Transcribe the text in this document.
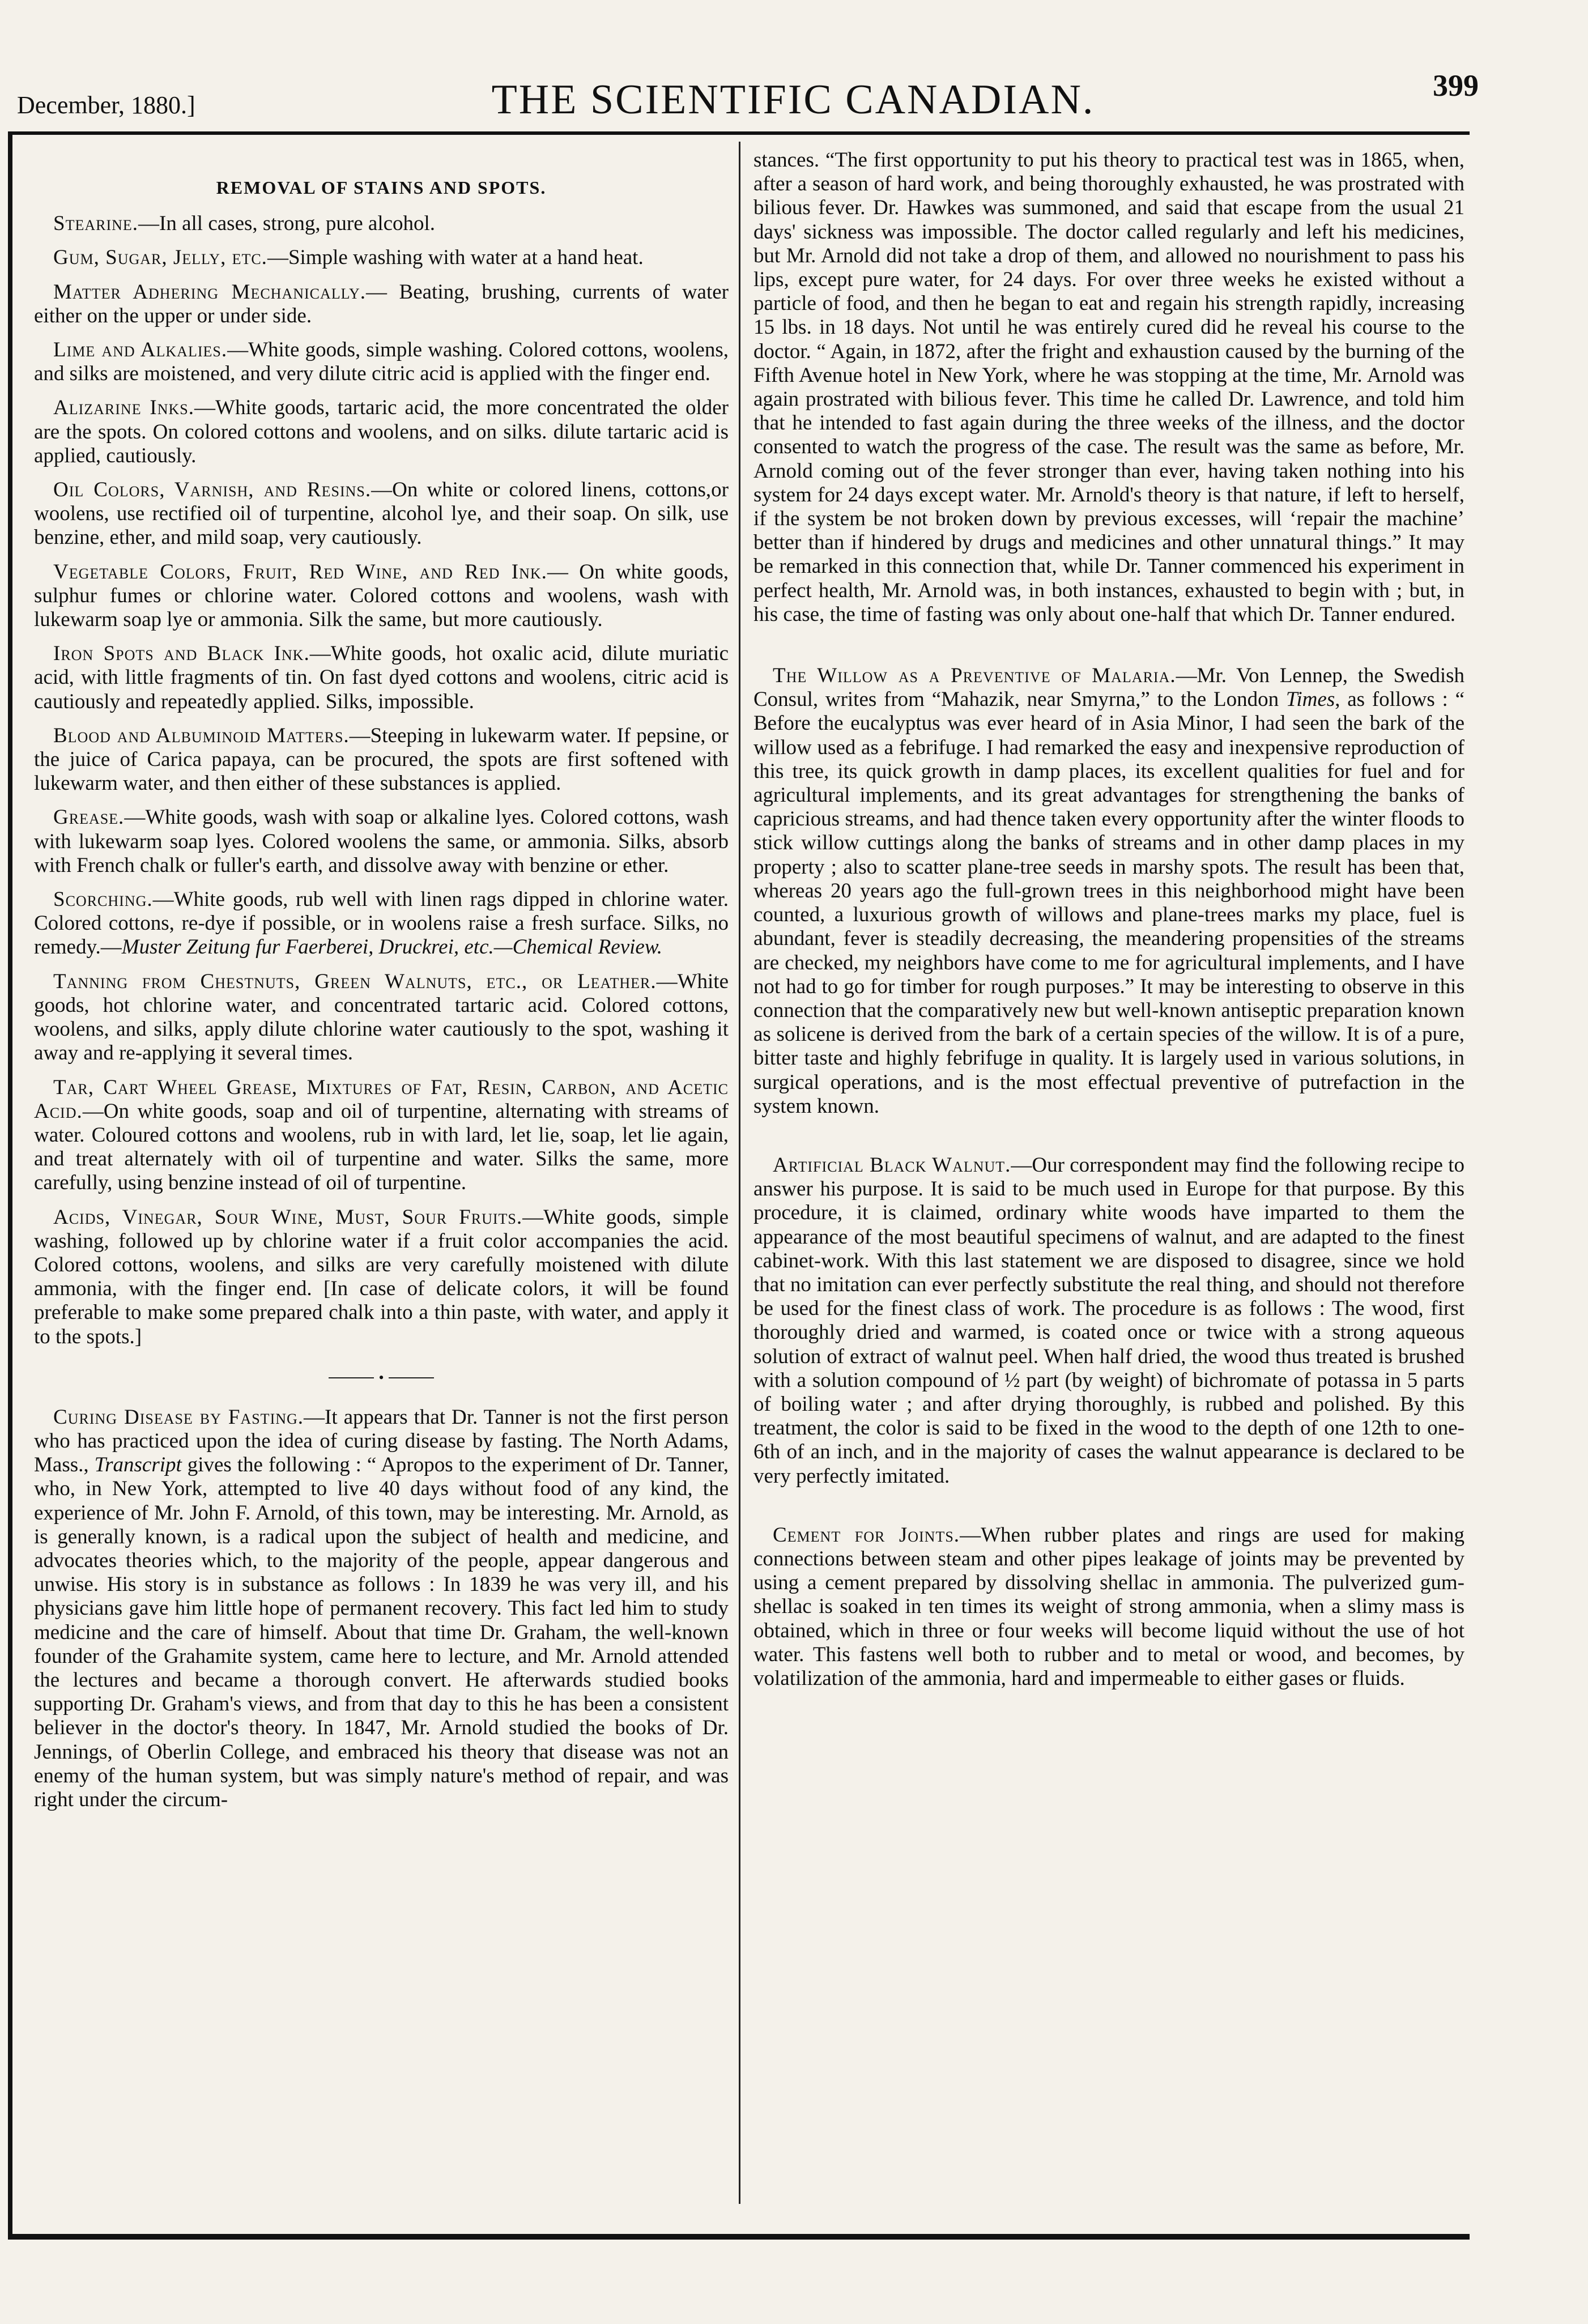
December, 1880.]	THE SCIENTIFIC CANADIAN.	399
REMOVAL OF STAINS AND SPOTS.

Stearine.—In all cases, strong, pure alcohol.

Gum, Sugar, Jelly, etc.—Simple washing with water at a hand heat.

Matter Adhering Mechanically.— Beating, brushing, currents of water either on the upper or under side.

Lime and Alkalies.—White goods, simple washing. Colored cottons, woolens, and silks are moistened, and very dilute citric acid is applied with the finger end.

Alizarine Inks.—White goods, tartaric acid, the more concentrated the older are the spots. On colored cottons and woolens, and on silks. dilute tartaric acid is applied, cautiously.

Oil Colors, Varnish, and Resins.—On white or colored linens, cottons,or woolens, use rectified oil of turpentine, alcohol lye, and their soap. On silk, use benzine, ether, and mild soap, very cautiously.

Vegetable Colors, Fruit, Red Wine, and Red Ink.— On white goods, sulphur fumes or chlorine water. Colored cottons and woolens, wash with lukewarm soap lye or ammonia. Silk the same, but more cautiously.

Iron Spots and Black Ink.—White goods, hot oxalic acid, dilute muriatic acid, with little fragments of tin. On fast dyed cottons and woolens, citric acid is cautiously and repeatedly applied. Silks, impossible.

Blood and Albuminoid Matters.—Steeping in lukewarm water. If pepsine, or the juice of Carica papaya, can be procured, the spots are first softened with lukewarm water, and then either of these substances is applied.

Grease.—White goods, wash with soap or alkaline lyes. Colored cottons, wash with lukewarm soap lyes. Colored woolens the same, or ammonia. Silks, absorb with French chalk or fuller's earth, and dissolve away with benzine or ether.

Scorching.—White goods, rub well with linen rags dipped in chlorine water. Colored cottons, re-dye if possible, or in woolens raise a fresh surface. Silks, no remedy.—Muster Zeitung fur Faerberei, Druckrei, etc.—Chemical Review.

Tanning from Chestnuts, Green Walnuts, etc., or Leather.—White goods, hot chlorine water, and concentrated tartaric acid. Colored cottons, woolens, and silks, apply dilute chlorine water cautiously to the spot, washing it away and re-applying it several times.

Tar, Cart Wheel Grease, Mixtures of Fat, Resin, Carbon, and Acetic Acid.—On white goods, soap and oil of turpentine, alternating with streams of water. Coloured cottons and woolens, rub in with lard, let lie, soap, let lie again, and treat alternately with oil of turpentine and water. Silks the same, more carefully, using benzine instead of oil of turpentine.

Acids, Vinegar, Sour Wine, Must, Sour Fruits.—White goods, simple washing, followed up by chlorine water if a fruit color accompanies the acid. Colored cottons, woolens, and silks are very carefully moistened with dilute ammonia, with the finger end. [In case of delicate colors, it will be found preferable to make some prepared chalk into a thin paste, with water, and apply it to the spots.]

•

Curing Disease by Fasting.—It appears that Dr. Tanner is not the first person who has practiced upon the idea of curing disease by fasting. The North Adams, Mass., Transcript gives the following : “ Apropos to the experiment of Dr. Tanner, who, in New York, attempted to live 40 days without food of any kind, the experience of Mr. John F. Arnold, of this town, may be interesting. Mr. Arnold, as is generally known, is a radical upon the subject of health and medicine, and advocates theories which, to the majority of the people, appear dangerous and unwise. His story is in substance as follows : In 1839 he was very ill, and his physicians gave him little hope of permanent recovery. This fact led him to study medicine and the care of himself. About that time Dr. Graham, the well-known founder of the Grahamite system, came here to lecture, and Mr. Arnold attended the lectures and became a thorough convert. He afterwards studied books supporting Dr. Graham's views, and from that day to this he has been a consistent believer in the doctor's theory. In 1847, Mr. Arnold studied the books of Dr. Jennings, of Oberlin College, and embraced his theory that disease was not an enemy of the human system, but was simply nature's method of repair, and was right under the circum-

stances. “The first opportunity to put his theory to practical test was in 1865, when, after a season of hard work, and being thoroughly exhausted, he was prostrated with bilious fever. Dr. Hawkes was summoned, and said that escape from the usual 21 days' sickness was impossible. The doctor called regularly and left his medicines, but Mr. Arnold did not take a drop of them, and allowed no nourishment to pass his lips, except pure water, for 24 days. For over three weeks he existed without a particle of food, and then he began to eat and regain his strength rapidly, increasing 15 lbs. in 18 days. Not until he was entirely cured did he reveal his course to the doctor. “ Again, in 1872, after the fright and exhaustion caused by the burning of the Fifth Avenue hotel in New York, where he was stopping at the time, Mr. Arnold was again prostrated with bilious fever. This time he called Dr. Lawrence, and told him that he intended to fast again during the three weeks of the illness, and the doctor consented to watch the progress of the case. The result was the same as before, Mr. Arnold coming out of the fever stronger than ever, having taken nothing into his system for 24 days except water. Mr. Arnold's theory is that nature, if left to herself, if the system be not broken down by previous excesses, will ‘repair the machine’ better than if hindered by drugs and medicines and other unnatural things.” It may be remarked in this connection that, while Dr. Tanner commenced his experiment in perfect health, Mr. Arnold was, in both instances, exhausted to begin with ; but, in his case, the time of fasting was only about one-half that which Dr. Tanner endured.

The Willow as a Preventive of Malaria.—Mr. Von Lennep, the Swedish Consul, writes from “Mahazik, near Smyrna,” to the London Times, as follows : “ Before the eucalyptus was ever heard of in Asia Minor, I had seen the bark of the willow used as a febrifuge. I had remarked the easy and inexpensive reproduction of this tree, its quick growth in damp places, its excellent qualities for fuel and for agricultural implements, and its great advantages for strengthening the banks of capricious streams, and had thence taken every opportunity after the winter floods to stick willow cuttings along the banks of streams and in other damp places in my property ; also to scatter plane-tree seeds in marshy spots. The result has been that, whereas 20 years ago the full-grown trees in this neighborhood might have been counted, a luxurious growth of willows and plane-trees marks my place, fuel is abundant, fever is steadily decreasing, the meandering propensities of the streams are checked, my neighbors have come to me for agricultural implements, and I have not had to go for timber for rough purposes.” It may be interesting to observe in this connection that the comparatively new but well-known antiseptic preparation known as solicene is derived from the bark of a certain species of the willow. It is of a pure, bitter taste and highly febrifuge in quality. It is largely used in various solutions, in surgical operations, and is the most effectual preventive of putrefaction in the system known.

Artificial Black Walnut.—Our correspondent may find the following recipe to answer his purpose. It is said to be much used in Europe for that purpose. By this procedure, it is claimed, ordinary white woods have imparted to them the appearance of the most beautiful specimens of walnut, and are adapted to the finest cabinet-work. With this last statement we are disposed to disagree, since we hold that no imitation can ever perfectly substitute the real thing, and should not therefore be used for the finest class of work. The procedure is as follows : The wood, first thoroughly dried and warmed, is coated once or twice with a strong aqueous solution of extract of walnut peel. When half dried, the wood thus treated is brushed with a solution compound of ½ part (by weight) of bichromate of potassa in 5 parts of boiling water ; and after drying thoroughly, is rubbed and polished. By this treatment, the color is said to be fixed in the wood to the depth of one 12th to one-6th of an inch, and in the majority of cases the walnut appearance is declared to be very perfectly imitated.

Cement for Joints.—When rubber plates and rings are used for making connections between steam and other pipes leakage of joints may be prevented by using a cement prepared by dissolving shellac in ammonia. The pulverized gum-shellac is soaked in ten times its weight of strong ammonia, when a slimy mass is obtained, which in three or four weeks will become liquid without the use of hot water. This fastens well both to rubber and to metal or wood, and becomes, by volatilization of the ammonia, hard and impermeable to either gases or fluids.
